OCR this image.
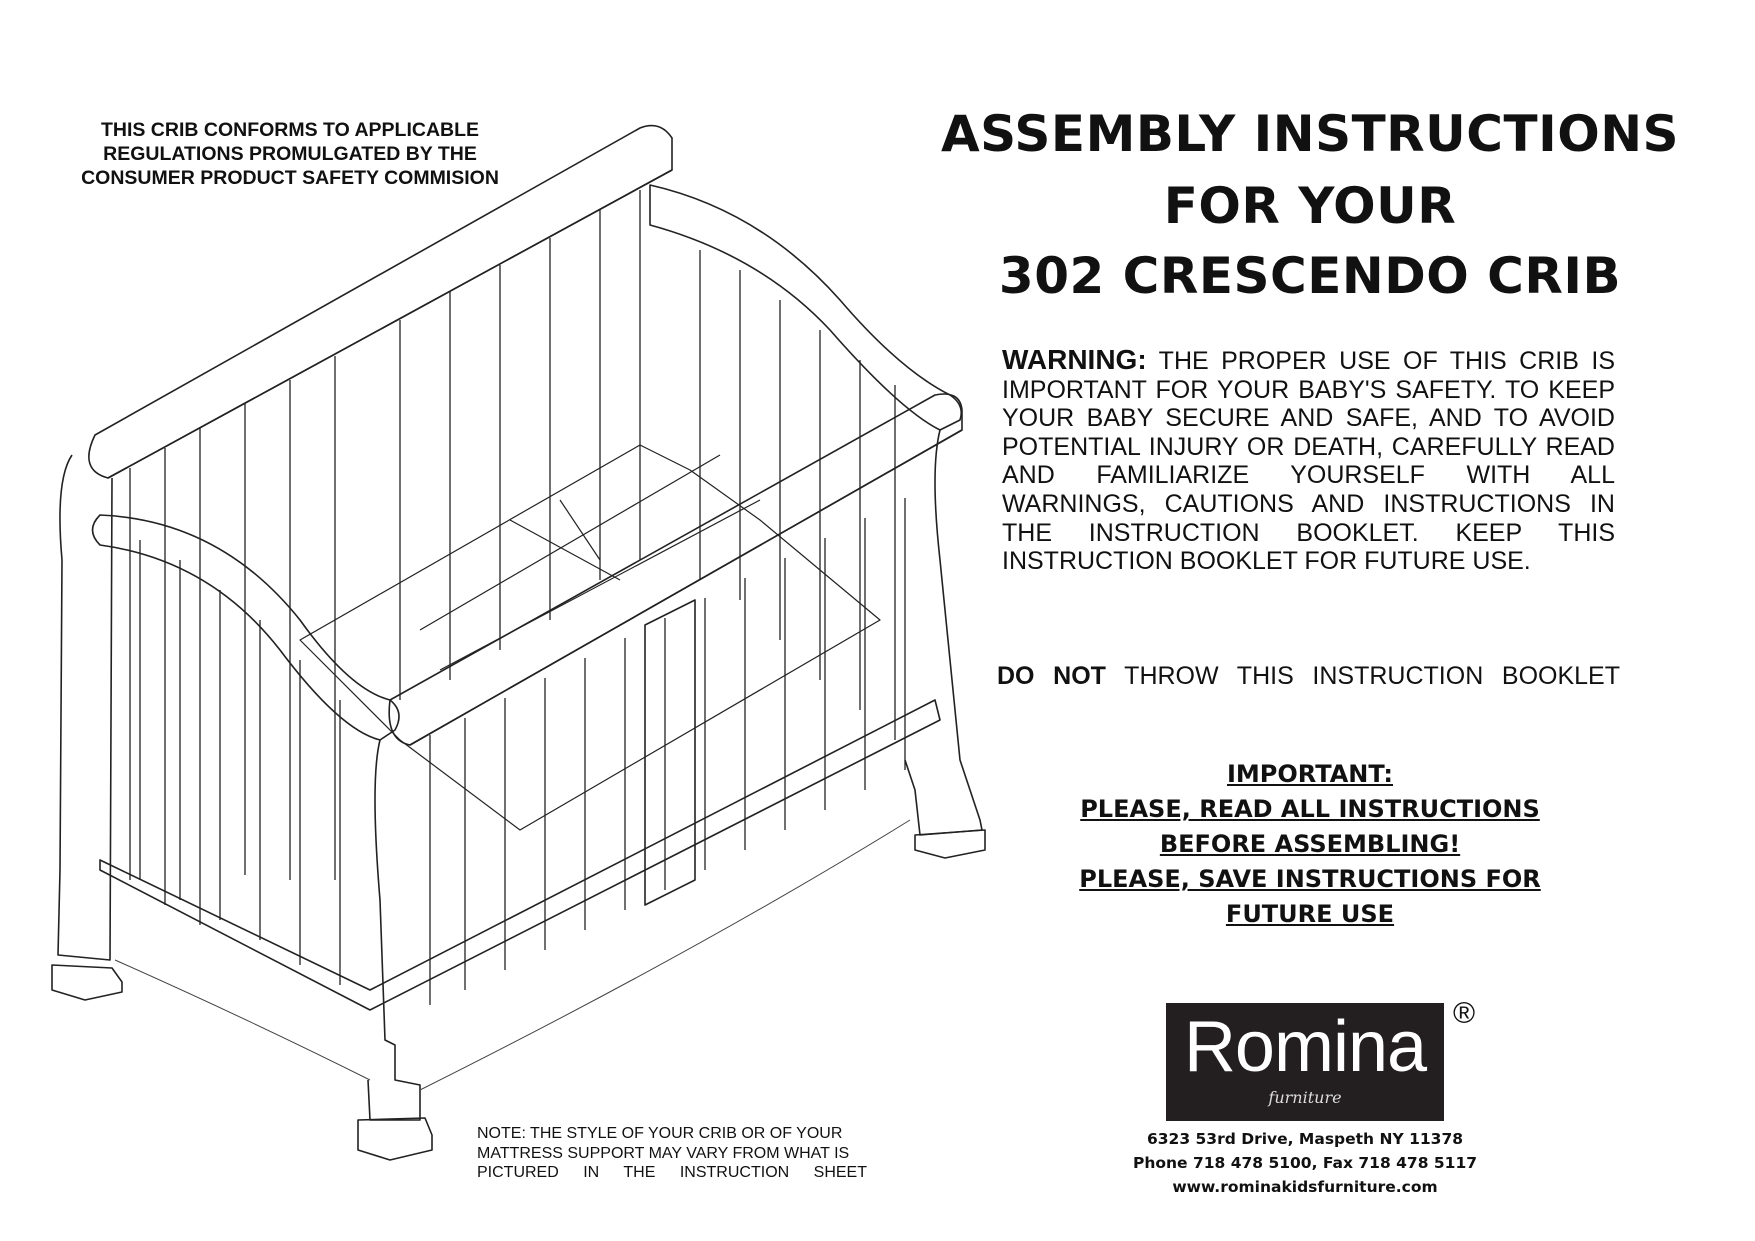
THIS CRIB CONFORMS TO APPLICABLE
REGULATIONS PROMULGATED BY THE
CONSUMER PRODUCT SAFETY COMMISION
ASSEMBLY INSTRUCTIONS
FOR YOUR
302 CRESCENDO CRIB
WARNING: THE PROPER USE OF THIS CRIB IS IMPORTANT FOR YOUR BABY'S SAFETY. TO KEEP YOUR BABY SECURE AND SAFE, AND TO AVOID POTENTIAL INJURY OR DEATH, CAREFULLY READ AND FAMILIARIZE YOURSELF WITH ALL WARNINGS, CAUTIONS AND INSTRUCTIONS IN THE INSTRUCTION BOOKLET. KEEP THIS INSTRUCTION BOOKLET FOR FUTURE USE.
DO NOT THROW THIS INSTRUCTION BOOKLET
IMPORTANT:
PLEASE, READ ALL INSTRUCTIONS
BEFORE ASSEMBLING!
PLEASE, SAVE INSTRUCTIONS FOR
FUTURE USE
Romina
furniture
®
6323 53rd Drive, Maspeth NY 11378
Phone 718 478 5100, Fax 718 478 5117
www.rominakidsfurniture.com
NOTE: THE STYLE OF YOUR CRIB OR OF YOUR
MATTRESS SUPPORT MAY VARY FROM WHAT IS
PICTURED IN THE INSTRUCTION SHEET
